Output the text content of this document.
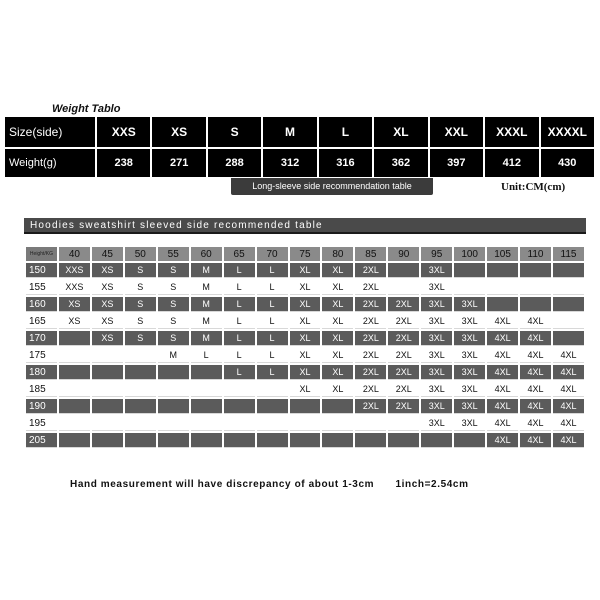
Weight Tablo
Size(side)	XXS	XS	S	M	L	XL	XXL	XXXL	XXXXL
Weight(g)	238	271	288	312	316	362	397	412	430
Long-sleeve side recommendation table	Unit:CM(cm)
Hoodies sweatshirt sleeved side recommended table
Height/KG	40	45	50	55	60	65	70	75	80	85	90	95	100	105	110	115
150	XXS	XS	S	S	M	L	L	XL	XL	2XL		3XL				
155	XXS	XS	S	S	M	L	L	XL	XL	2XL		3XL				
160	XS	XS	S	S	M	L	L	XL	XL	2XL	2XL	3XL	3XL			
165	XS	XS	S	S	M	L	L	XL	XL	2XL	2XL	3XL	3XL	4XL	4XL	
170		XS	S	S	M	L	L	XL	XL	2XL	2XL	3XL	3XL	4XL	4XL	
175				M	L	L	L	XL	XL	2XL	2XL	3XL	3XL	4XL	4XL	4XL
180						L	L	XL	XL	2XL	2XL	3XL	3XL	4XL	4XL	4XL
185								XL	XL	2XL	2XL	3XL	3XL	4XL	4XL	4XL
190										2XL	2XL	3XL	3XL	4XL	4XL	4XL
195												3XL	3XL	4XL	4XL	4XL
205														4XL	4XL	4XL
Hand measurement will have discrepancy of about 1-3cm 1inch=2.54cm
